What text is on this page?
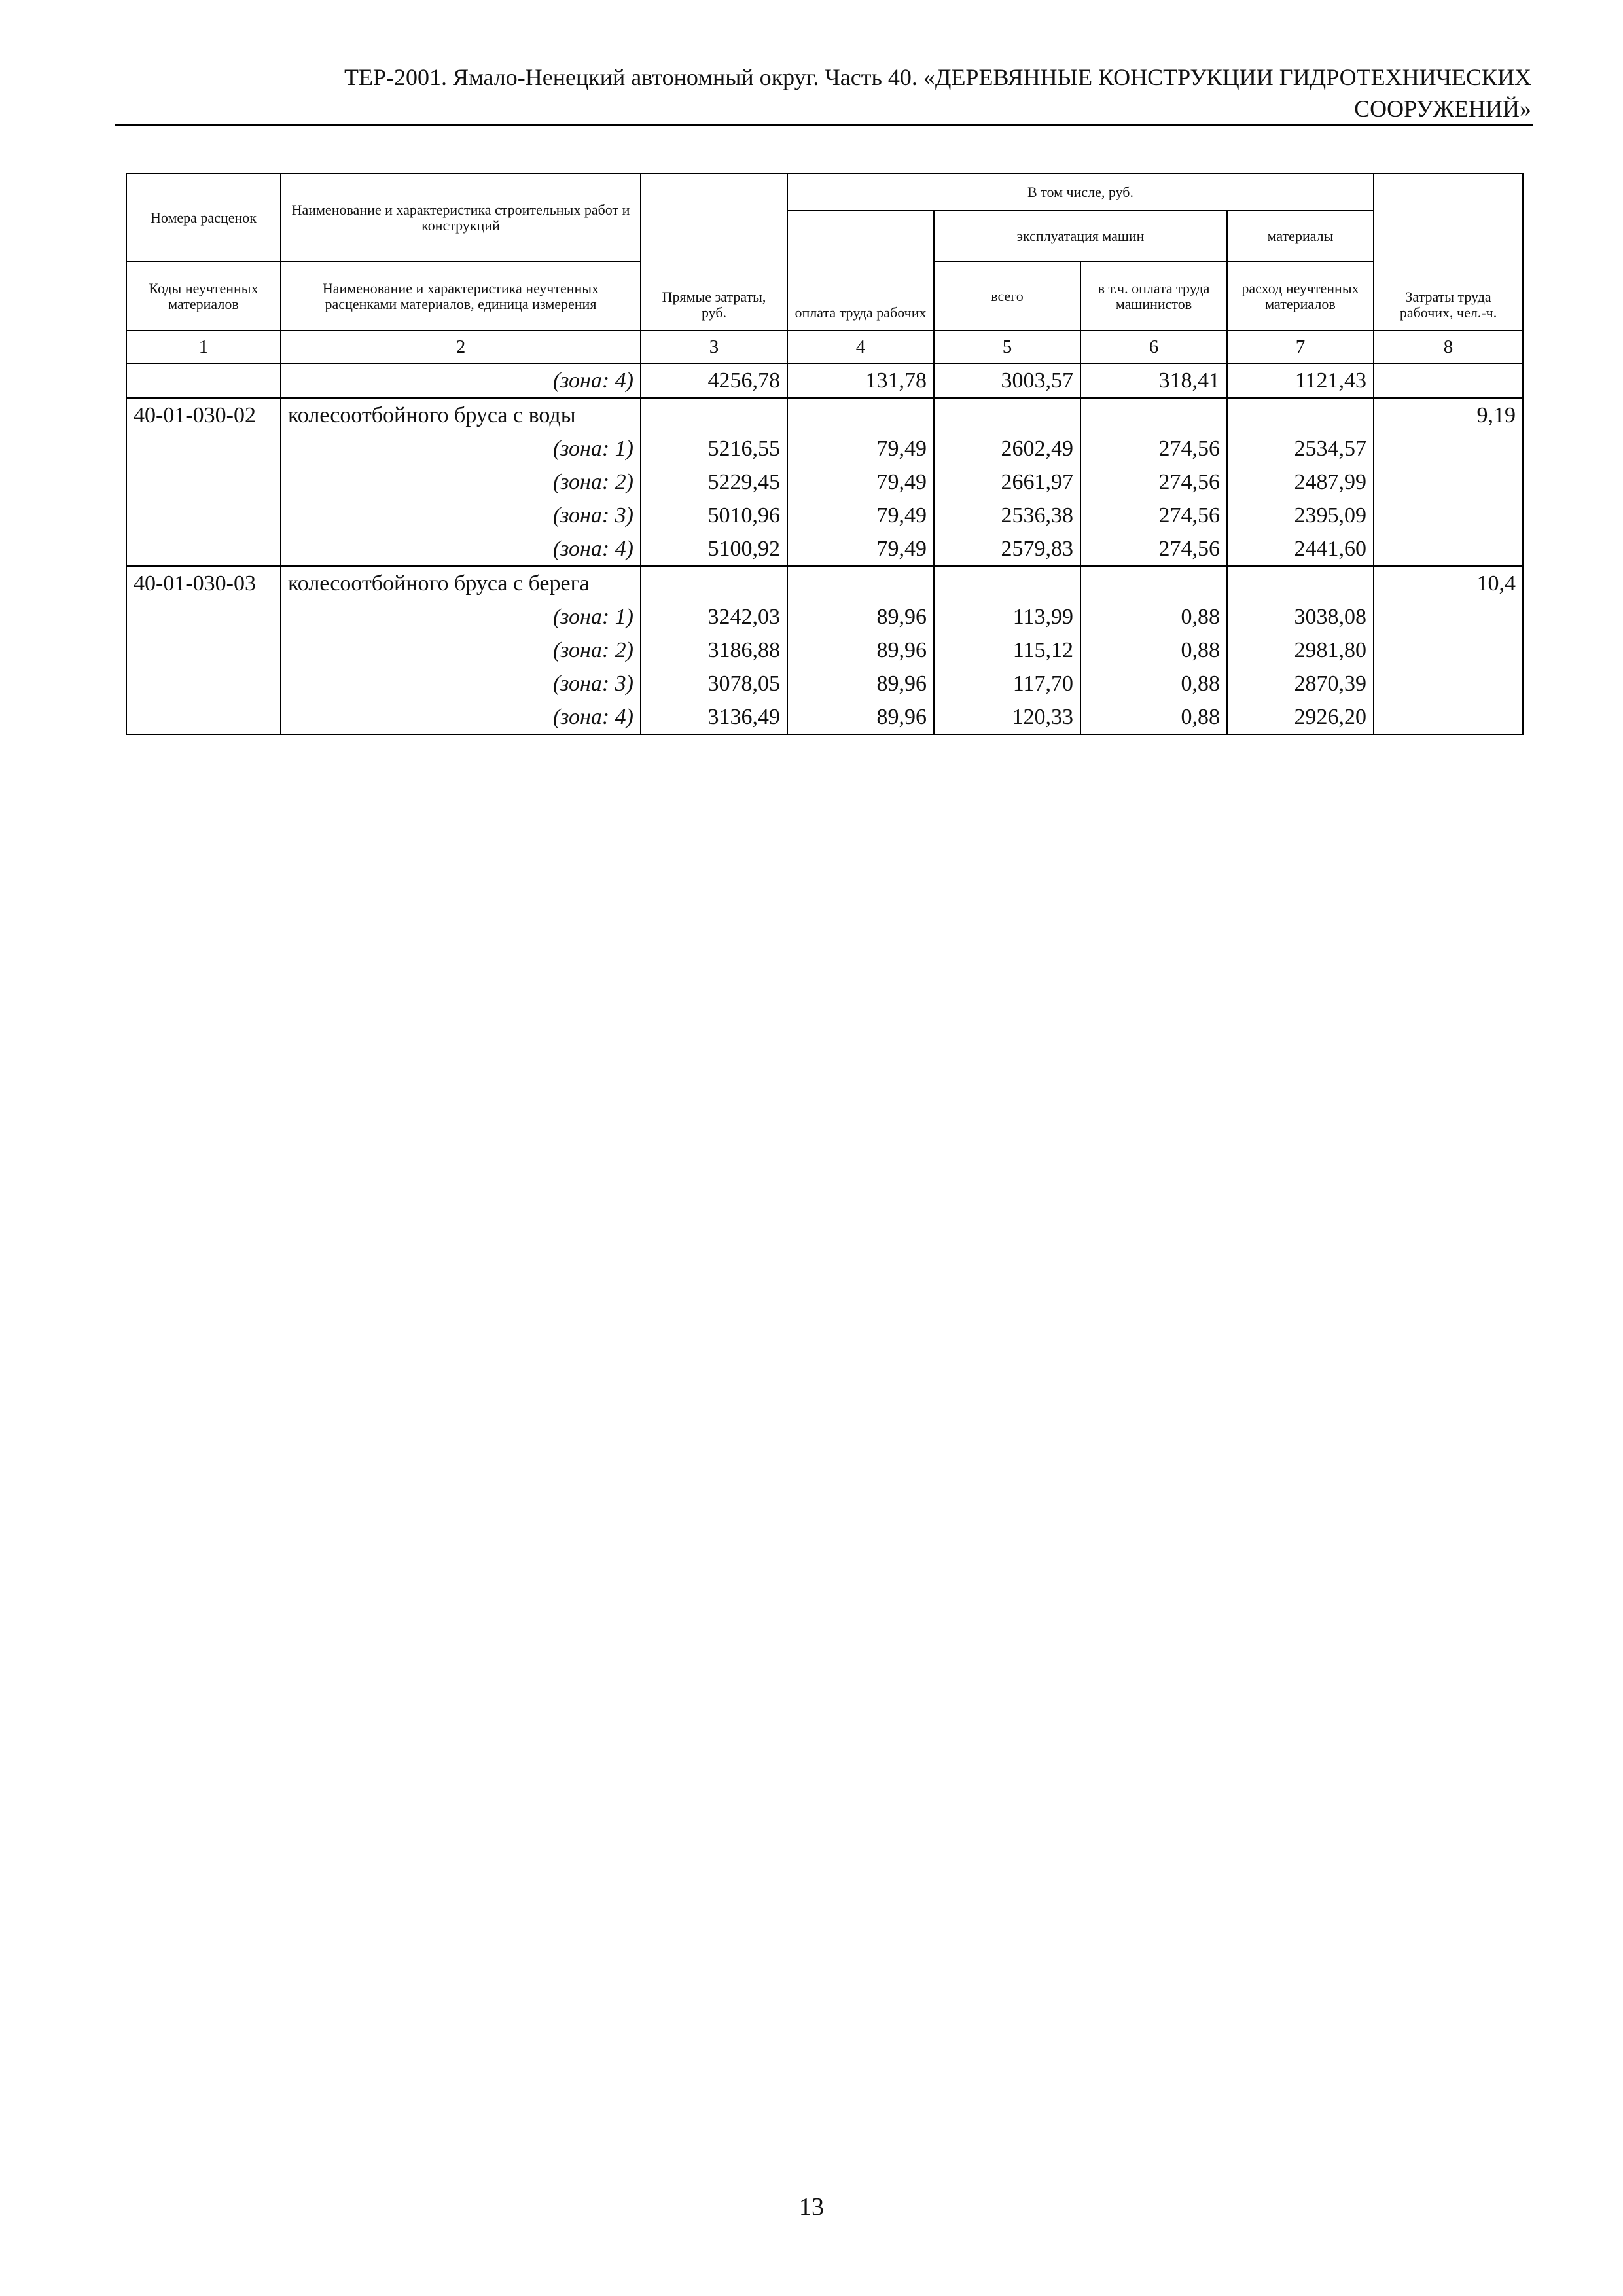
ТЕР-2001. Ямало-Ненецкий автономный округ. Часть 40. «ДЕРЕВЯННЫЕ КОНСТРУКЦИИ ГИДРОТЕХНИЧЕСКИХ
СООРУЖЕНИЙ»
Номера расценок	Наименование и характеристика строительных работ и конструкций	Прямые затраты, руб.	В том числе, руб.				Затраты труда рабочих, чел.-ч.
			оплата труда рабочих	эксплуатация машин		материалы	
Коды неучтенных материалов	Наименование и характеристика неучтенных расценками материалов, единица измерения			всего	в т.ч. оплата труда машинистов	расход неучтенных материалов	
1	2	3	4	5	6	7	8
	(зона: 4)	4256,78	131,78	3003,57	318,41	1121,43	
40-01-030-02	колесоотбойного бруса с воды						9,19
	(зона: 1)	5216,55	79,49	2602,49	274,56	2534,57	
	(зона: 2)	5229,45	79,49	2661,97	274,56	2487,99	
	(зона: 3)	5010,96	79,49	2536,38	274,56	2395,09	
	(зона: 4)	5100,92	79,49	2579,83	274,56	2441,60	
40-01-030-03	колесоотбойного бруса с берега						10,4
	(зона: 1)	3242,03	89,96	113,99	0,88	3038,08	
	(зона: 2)	3186,88	89,96	115,12	0,88	2981,80	
	(зона: 3)	3078,05	89,96	117,70	0,88	2870,39	
	(зона: 4)	3136,49	89,96	120,33	0,88	2926,20	
13
